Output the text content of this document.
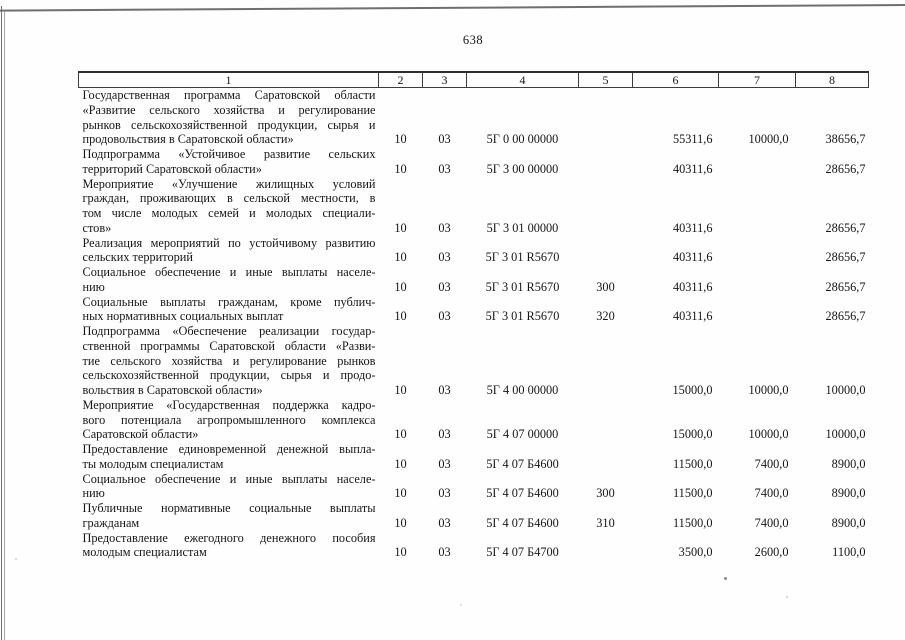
638
1	2	3	4	5	6	7	8

Государственная программа Саратовской области
«Развитие сельского хозяйства и регулирование
рынков сельскохозяйственной продукции, сырья и
продовольствия в Саратовской области»	10	03	5Г 0 00 00000		55311,6	10000,0	38656,7

Подпрограмма «Устойчивое развитие сельских
территорий Саратовской области»	10	03	5Г 3 00 00000		40311,6		28656,7

Мероприятие «Улучшение жилищных условий
граждан, проживающих в сельской местности, в
том числе молодых семей и молодых специали-
стов»	10	03	5Г 3 01 00000		40311,6		28656,7

Реализация мероприятий по устойчивому развитию
сельских территорий	10	03	5Г 3 01 R5670		40311,6		28656,7

Социальное обеспечение и иные выплаты населе-
нию	10	03	5Г 3 01 R5670	300	40311,6		28656,7

Социальные выплаты гражданам, кроме публич-
ных нормативных социальных выплат	10	03	5Г 3 01 R5670	320	40311,6		28656,7

Подпрограмма «Обеспечение реализации государ-
ственной программы Саратовской области «Разви-
тие сельского хозяйства и регулирование рынков
сельскохозяйственной продукции, сырья и продо-
вольствия в Саратовской области»	10	03	5Г 4 00 00000		15000,0	10000,0	10000,0

Мероприятие «Государственная поддержка кадро-
вого потенциала агропромышленного комплекса
Саратовской области»	10	03	5Г 4 07 00000		15000,0	10000,0	10000,0

Предоставление единовременной денежной выпла-
ты молодым специалистам	10	03	5Г 4 07 Б4600		11500,0	7400,0	8900,0

Социальное обеспечение и иные выплаты населе-
нию	10	03	5Г 4 07 Б4600	300	11500,0	7400,0	8900,0

Публичные нормативные социальные выплаты
гражданам	10	03	5Г 4 07 Б4600	310	11500,0	7400,0	8900,0

Предоставление ежегодного денежного пособия
молодым специалистам	10	03	5Г 4 07 Б4700		3500,0	2600,0	1100,0
